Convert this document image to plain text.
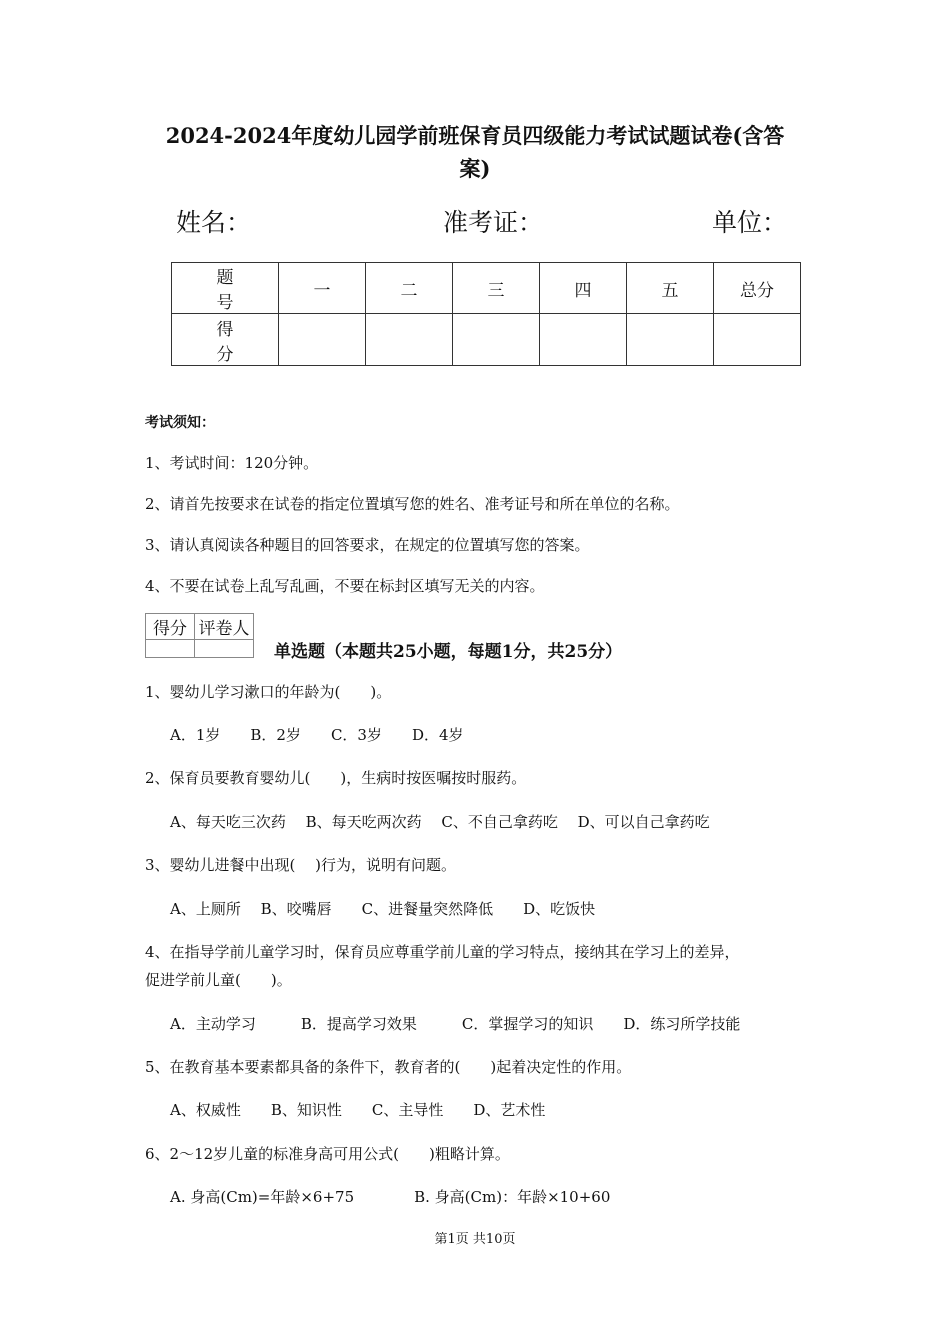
2024-2024年度幼儿园学前班保育员四级能力考试试题试卷(含答
案)
姓名：	准考证：	单位：
题　号	一	二	三	四	五	总分
得　分						
考试须知：
1、考试时间：120分钟。
2、请首先按要求在试卷的指定位置填写您的姓名、准考证号和所在单位的名称。
3、请认真阅读各种题目的回答要求，在规定的位置填写您的答案。
4、不要在试卷上乱写乱画，不要在标封区填写无关的内容。
得分	评卷人

单选题（本题共25小题，每题1分，共25分）
1、婴幼儿学习漱口的年龄为(　　)。
A．1岁　　B．2岁　　C．3岁　　D．4岁
2、保育员要教育婴幼儿(　　)，生病时按医嘱按时服药。
A、每天吃三次药　 B、每天吃两次药　 C、不自己拿药吃　 D、可以自己拿药吃
3、婴幼儿进餐中出现(　 )行为，说明有问题。
A、上厕所　 B、咬嘴唇　　C、进餐量突然降低　　D、吃饭快
4、在指导学前儿童学习时，保育员应尊重学前儿童的学习特点，接纳其在学习上的差异，
促进学前儿童(　　)。
A．主动学习　　　B．提高学习效果　　　C．掌握学习的知识　　D．练习所学技能
5、在教育基本要素都具备的条件下，教育者的(　　)起着决定性的作用。
A、权威性　　B、知识性　　C、主导性　　D、艺术性
6、2～12岁儿童的标准身高可用公式(　　)粗略计算。
A. 身高(Cm)=年龄×6+75　　　　B. 身高(Cm)：年龄×10+60
第1页 共10页
